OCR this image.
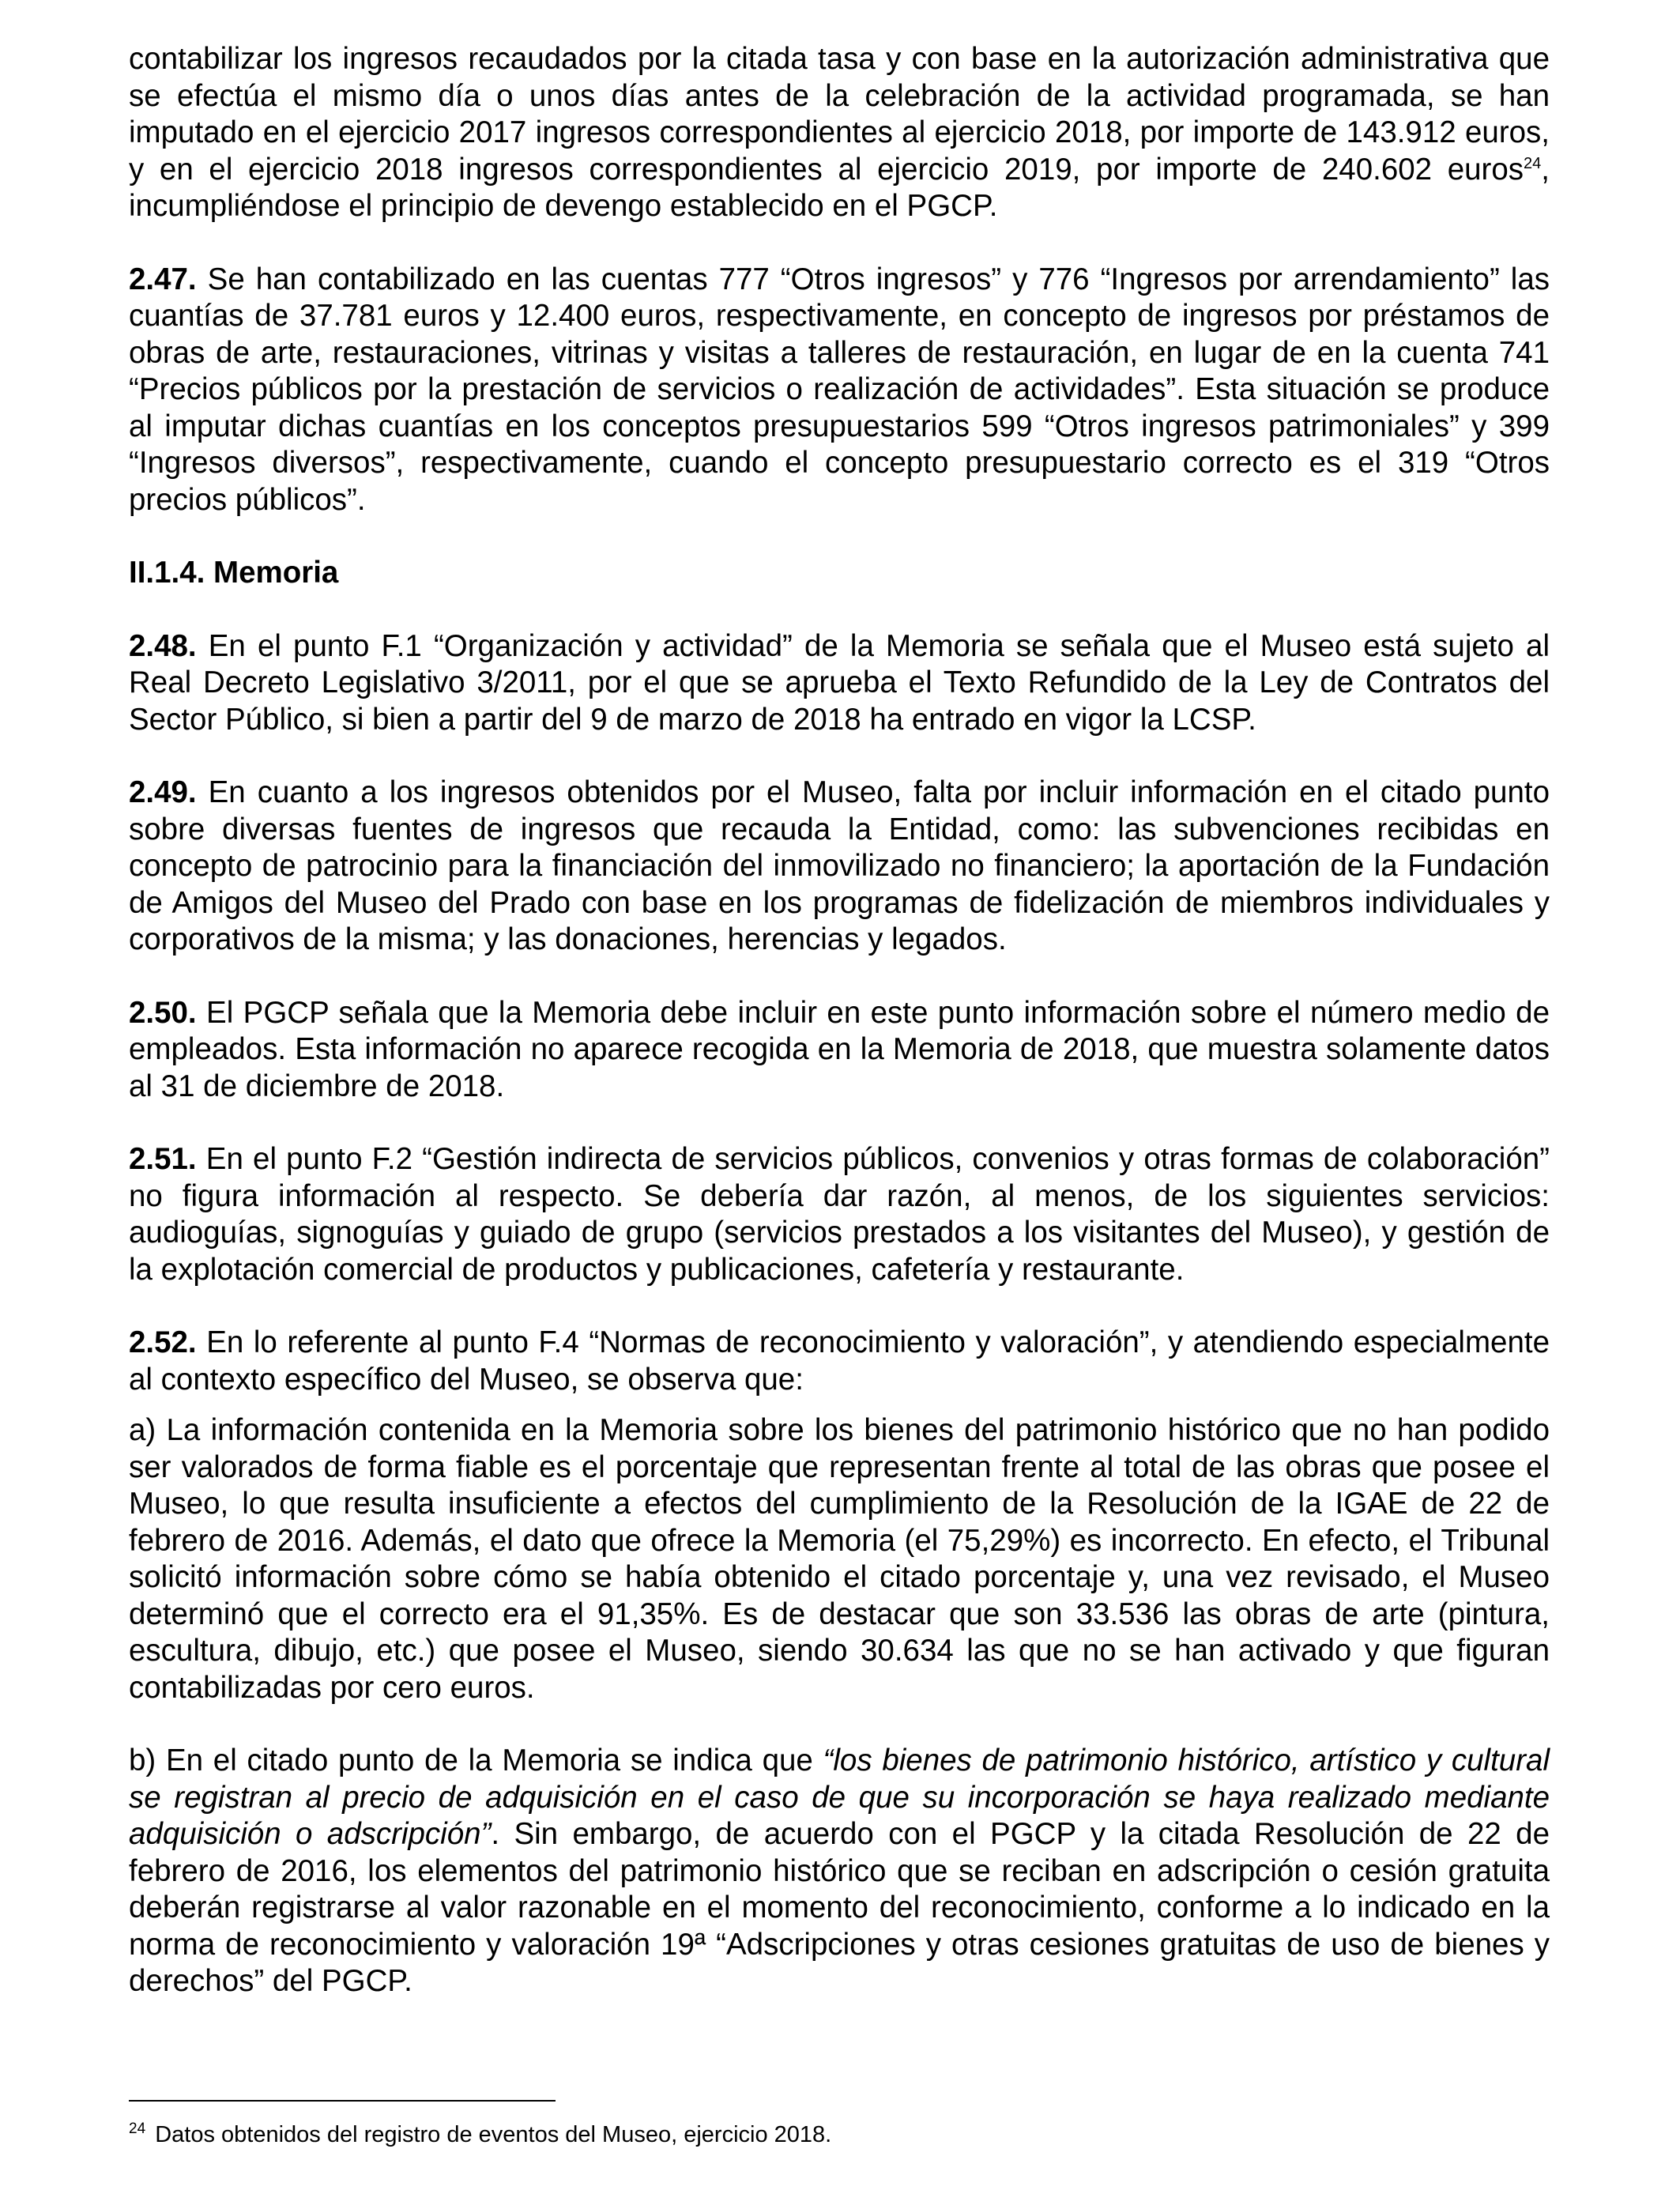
contabilizar los ingresos recaudados por la citada tasa y con base en la autorización administrativa que se efectúa el mismo día o unos días antes de la celebración de la actividad programada, se han imputado en el ejercicio 2017 ingresos correspondientes al ejercicio 2018, por importe de 143.912 euros, y en el ejercicio 2018 ingresos correspondientes al ejercicio 2019, por importe de 240.602 euros$^{24}$, incumpliéndose el principio de devengo establecido en el PGCP.

2.47. Se han contabilizado en las cuentas 777 “Otros ingresos” y 776 “Ingresos por arrendamiento” las cuantías de 37.781 euros y 12.400 euros, respectivamente, en concepto de ingresos por préstamos de obras de arte, restauraciones, vitrinas y visitas a talleres de restauración, en lugar de en la cuenta 741 “Precios públicos por la prestación de servicios o realización de actividades”. Esta situación se produce al imputar dichas cuantías en los conceptos presupuestarios 599 “Otros ingresos patrimoniales” y 399 “Ingresos diversos”, respectivamente, cuando el concepto presupuestario correcto es el 319 “Otros precios públicos”.

II.1.4. Memoria

2.48. En el punto F.1 “Organización y actividad” de la Memoria se señala que el Museo está sujeto al Real Decreto Legislativo 3/2011, por el que se aprueba el Texto Refundido de la Ley de Contratos del Sector Público, si bien a partir del 9 de marzo de 2018 ha entrado en vigor la LCSP.

2.49. En cuanto a los ingresos obtenidos por el Museo, falta por incluir información en el citado punto sobre diversas fuentes de ingresos que recauda la Entidad, como: las subvenciones recibidas en concepto de patrocinio para la financiación del inmovilizado no financiero; la aportación de la Fundación de Amigos del Museo del Prado con base en los programas de fidelización de miembros individuales y corporativos de la misma; y las donaciones, herencias y legados.

2.50. El PGCP señala que la Memoria debe incluir en este punto información sobre el número medio de empleados. Esta información no aparece recogida en la Memoria de 2018, que muestra solamente datos al 31 de diciembre de 2018.

2.51. En el punto F.2 “Gestión indirecta de servicios públicos, convenios y otras formas de colaboración” no figura información al respecto. Se debería dar razón, al menos, de los siguientes servicios: audioguías, signoguías y guiado de grupo (servicios prestados a los visitantes del Museo), y gestión de la explotación comercial de productos y publicaciones, cafetería y restaurante.

2.52. En lo referente al punto F.4 “Normas de reconocimiento y valoración”, y atendiendo especialmente al contexto específico del Museo, se observa que:

a) La información contenida en la Memoria sobre los bienes del patrimonio histórico que no han podido ser valorados de forma fiable es el porcentaje que representan frente al total de las obras que posee el Museo, lo que resulta insuficiente a efectos del cumplimiento de la Resolución de la IGAE de 22 de febrero de 2016. Además, el dato que ofrece la Memoria (el 75,29%) es incorrecto. En efecto, el Tribunal solicitó información sobre cómo se había obtenido el citado porcentaje y, una vez revisado, el Museo determinó que el correcto era el 91,35%. Es de destacar que son 33.536 las obras de arte (pintura, escultura, dibujo, etc.) que posee el Museo, siendo 30.634 las que no se han activado y que figuran contabilizadas por cero euros.

b) En el citado punto de la Memoria se indica que “los bienes de patrimonio histórico, artístico y cultural se registran al precio de adquisición en el caso de que su incorporación se haya realizado mediante adquisición o adscripción”. Sin embargo, de acuerdo con el PGCP y la citada Resolución de 22 de febrero de 2016, los elementos del patrimonio histórico que se reciban en adscripción o cesión gratuita deberán registrarse al valor razonable en el momento del reconocimiento, conforme a lo indicado en la norma de reconocimiento y valoración 19ª “Adscripciones y otras cesiones gratuitas de uso de bienes y derechos” del PGCP.

$^{24}$ Datos obtenidos del registro de eventos del Museo, ejercicio 2018.
